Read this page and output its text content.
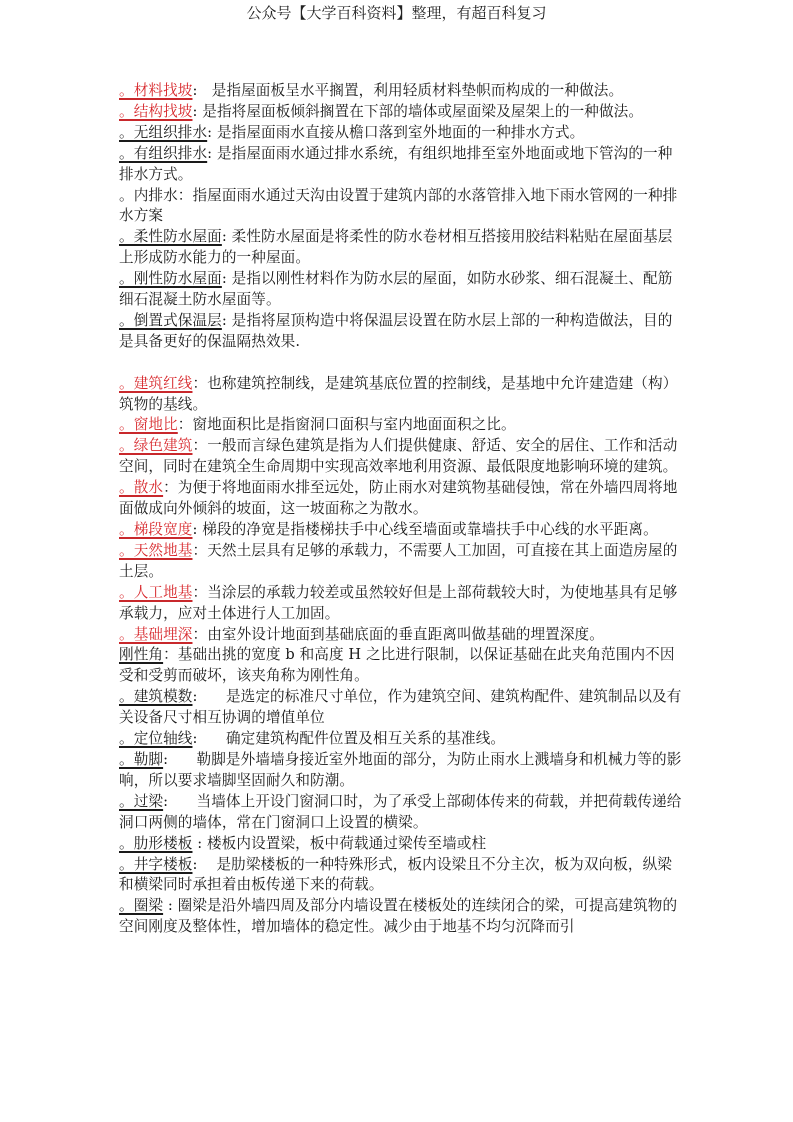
公众号【大学百科资料】整理，有超百科复习

。材料找坡:   是指屋面板呈水平搁置，利用轻质材料垫帜而构成的一种做法。

。结构找坡: 是指将屋面板倾斜搁置在下部的墙体或屋面梁及屋架上的一种做法。

。无组织排水: 是指屋面雨水直接从檐口落到室外地面的一种排水方式。

。有组织排水: 是指屋面雨水通过排水系统，有组织地排至室外地面或地下管沟的一种排水方式。

。内排水：指屋面雨水通过天沟由设置于建筑内部的水落管排入地下雨水管网的一种排水方案

。柔性防水屋面: 柔性防水屋面是将柔性的防水卷材相互搭接用胶结料粘贴在屋面基层上形成防水能力的一种屋面。

。刚性防水屋面: 是指以刚性材料作为防水层的屋面，如防水砂浆、细石混凝土、配筋细石混凝土防水屋面等。

。倒置式保温层: 是指将屋顶构造中将保温层设置在防水层上部的一种构造做法，目的是具备更好的保温隔热效果.

。建筑红线：也称建筑控制线，是建筑基底位置的控制线，是基地中允许建造建（构）筑物的基线。

。窗地比：窗地面积比是指窗洞口面积与室内地面面积之比。

。绿色建筑：一般而言绿色建筑是指为人们提供健康、舒适、安全的居住、工作和活动空间，同时在建筑全生命周期中实现高效率地利用资源、最低限度地影响环境的建筑。

。散水：为便于将地面雨水排至远处，防止雨水对建筑物基础侵蚀，常在外墙四周将地面做成向外倾斜的坡面，这一坡面称之为散水。

。梯段宽度: 梯段的净宽是指楼梯扶手中心线至墙面或靠墙扶手中心线的水平距离。

。天然地基：天然土层具有足够的承载力，不需要人工加固，可直接在其上面造房屋的土层。

。人工地基：当涂层的承载力较差或虽然较好但是上部荷载较大时，为使地基具有足够承载力，应对土体进行人工加固。

。基础埋深：由室外设计地面到基础底面的垂直距离叫做基础的埋置深度。

刚性角：基础出挑的宽度 b 和高度 H 之比进行限制，以保证基础在此夹角范围内不因受和受剪而破坏，该夹角称为刚性角。

。建筑模数:      是选定的标准尺寸单位，作为建筑空间、建筑构配件、建筑制品以及有关设备尺寸相互协调的增值单位

。定位轴线:      确定建筑构配件位置及相互关系的基准线。

。勒脚:      勒脚是外墙墙身接近室外地面的部分，为防止雨水上溅墙身和机械力等的影响，所以要求墙脚坚固耐久和防潮。

。过梁:      当墙体上开设门窗洞口时，为了承受上部砌体传来的荷载，并把荷载传递给洞口两侧的墙体，常在门窗洞口上设置的横梁。

。肋形楼板 : 楼板内设置梁，板中荷载通过梁传至墙或柱

。井字楼板:    是肋梁楼板的一种特殊形式，板内设梁且不分主次，板为双向板，纵梁和横梁同时承担着由板传递下来的荷载。

。圈梁 : 圈梁是沿外墙四周及部分内墙设置在楼板处的连续闭合的梁，可提高建筑物的空间刚度及整体性，增加墙体的稳定性。减少由于地基不均匀沉降而引
